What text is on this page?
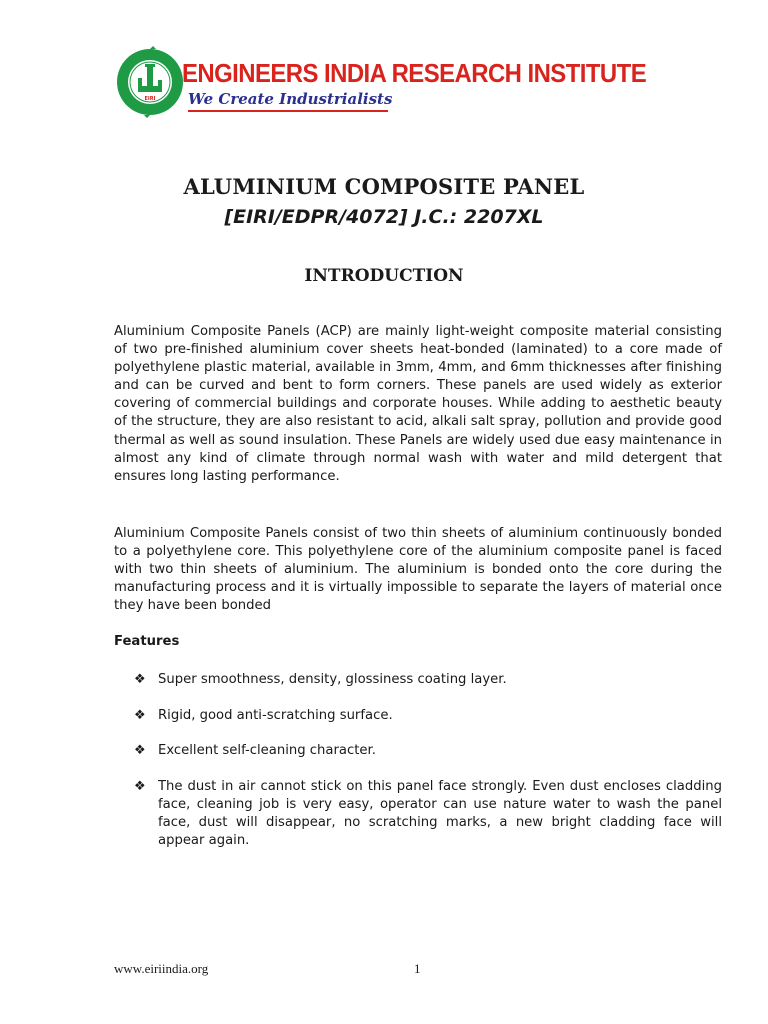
EIRI
ENGINEERS INDIA RESEARCH INSTITUTE
We Create Industrialists
ALUMINIUM COMPOSITE PANEL
[EIRI/EDPR/4072] J.C.: 2207XL
INTRODUCTION

Aluminium Composite Panels (ACP) are mainly light-weight composite material consisting of two pre-finished aluminium cover sheets heat-bonded (laminated) to a core made of polyethylene plastic material, available in 3mm, 4mm, and 6mm thicknesses after finishing and can be curved and bent to form corners. These panels are used widely as exterior covering of commercial buildings and corporate houses. While adding to aesthetic beauty of the structure, they are also resistant to acid, alkali salt spray, pollution and provide good thermal as well as sound insulation. These Panels are widely used due easy maintenance in almost any kind of climate through normal wash with water and mild detergent that ensures long lasting performance.

Aluminium Composite Panels consist of two thin sheets of aluminium continuously bonded to a polyethylene core. This polyethylene core of the aluminium composite panel is faced with two thin sheets of aluminium. The aluminium is bonded onto the core during the manufacturing process and it is virtually impossible to separate the layers of material once they have been bonded

Features
❖ Super smoothness, density, glossiness coating layer.
❖ Rigid, good anti-scratching surface.
❖ Excellent self-cleaning character.
❖ The dust in air cannot stick on this panel face strongly. Even dust encloses cladding face, cleaning job is very easy, operator can use nature water to wash the panel face, dust will disappear, no scratching marks, a new bright cladding face will appear again.
www.eiriindia.org	1
